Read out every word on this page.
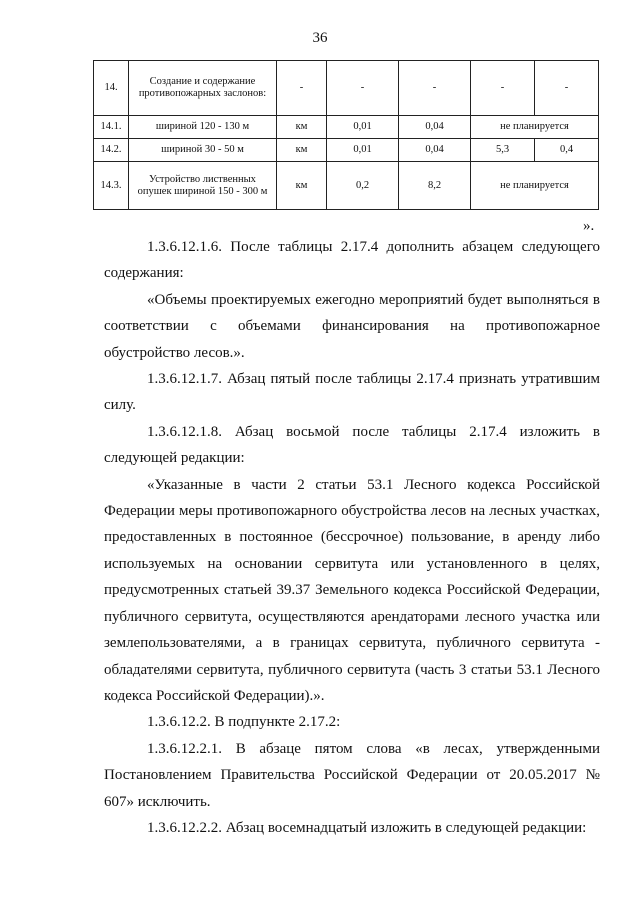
36
14.	Создание и содержание противопожарных заслонов:	-	-	-	-	-
14.1.	шириной 120 - 130 м	км	0,01	0,04	не планируется	
14.2.	шириной 30 - 50 м	км	0,01	0,04	5,3	0,4
14.3.	Устройство лиственных опушек шириной 150 - 300 м	км	0,2	8,2	не планируется	
».

1.3.6.12.1.6. После таблицы 2.17.4 дополнить абзацем следующего содержания:

«Объемы проектируемых ежегодно мероприятий будет выполняться в соответствии с объемами финансирования на противопожарное обустройство лесов.».

1.3.6.12.1.7. Абзац пятый после таблицы 2.17.4 признать утратившим силу.

1.3.6.12.1.8. Абзац восьмой после таблицы 2.17.4 изложить в следующей редакции:

«Указанные в части 2 статьи 53.1 Лесного кодекса Российской Федерации меры противопожарного обустройства лесов на лесных участках, предоставленных в постоянное (бессрочное) пользование, в аренду либо используемых на основании сервитута или установленного в целях, предусмотренных статьей 39.37 Земельного кодекса Российской Федерации, публичного сервитута, осуществляются арендаторами лесного участка или землепользователями, а в границах сервитута, публичного сервитута - обладателями сервитута, публичного сервитута (часть 3 статьи 53.1 Лесного кодекса Российской Федерации).».

1.3.6.12.2. В подпункте 2.17.2:

1.3.6.12.2.1. В абзаце пятом слова «в лесах, утвержденными Постановлением Правительства Российской Федерации от 20.05.2017 № 607» исключить.

1.3.6.12.2.2. Абзац восемнадцатый изложить в следующей редакции:
